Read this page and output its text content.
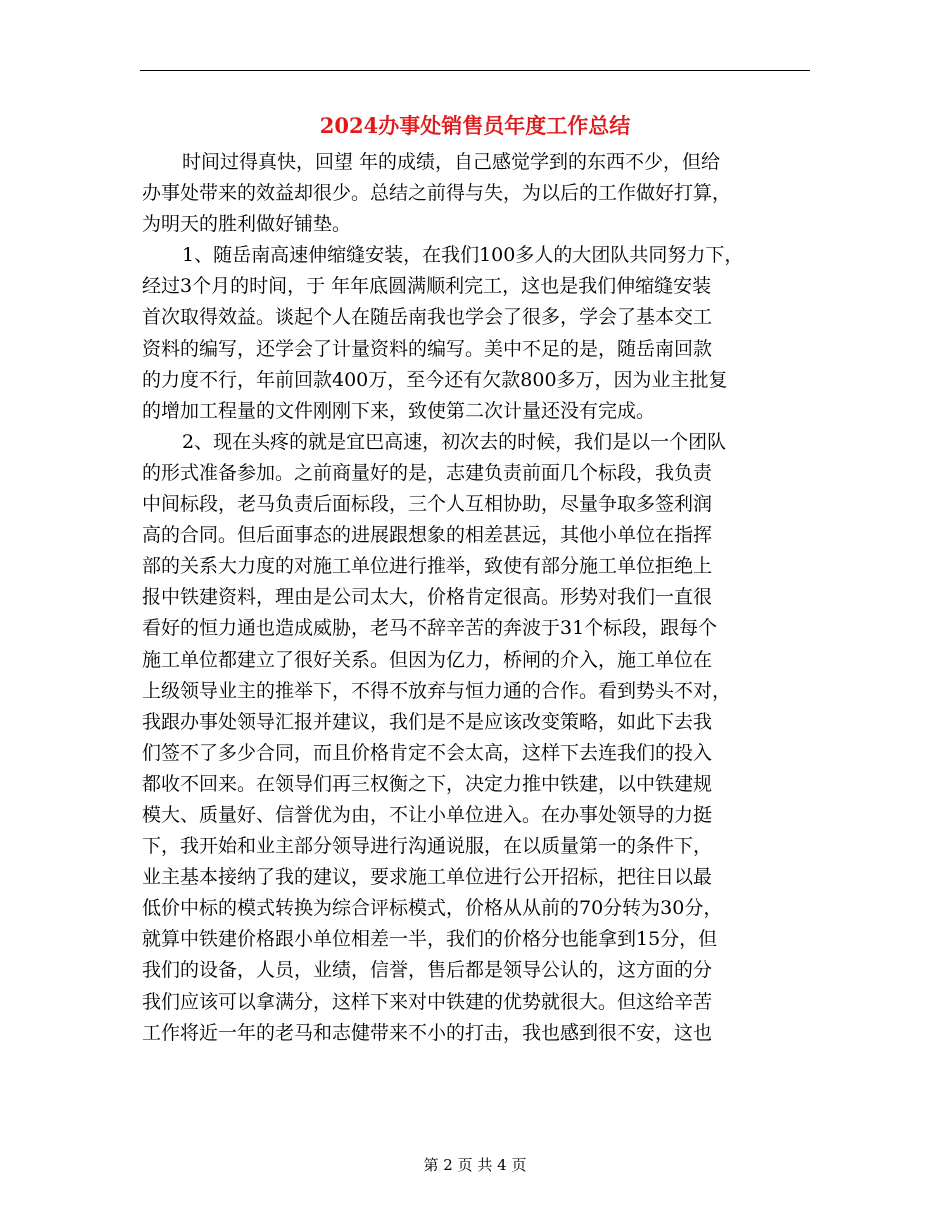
2024办事处销售员年度工作总结
时间过得真快，回望 年的成绩，自己感觉学到的东西不少，但给
办事处带来的效益却很少。总结之前得与失，为以后的工作做好打算，
为明天的胜利做好铺垫。
1、随岳南高速伸缩缝安装，在我们100多人的大团队共同努力下，
经过3个月的时间，于 年年底圆满顺利完工，这也是我们伸缩缝安装
首次取得效益。谈起个人在随岳南我也学会了很多，学会了基本交工
资料的编写，还学会了计量资料的编写。美中不足的是，随岳南回款
的力度不行，年前回款400万，至今还有欠款800多万，因为业主批复
的增加工程量的文件刚刚下来，致使第二次计量还没有完成。
2、现在头疼的就是宜巴高速，初次去的时候，我们是以一个团队
的形式准备参加。之前商量好的是，志建负责前面几个标段，我负责
中间标段，老马负责后面标段，三个人互相协助，尽量争取多签利润
高的合同。但后面事态的进展跟想象的相差甚远，其他小单位在指挥
部的关系大力度的对施工单位进行推举，致使有部分施工单位拒绝上
报中铁建资料，理由是公司太大，价格肯定很高。形势对我们一直很
看好的恒力通也造成威胁，老马不辞辛苦的奔波于31个标段，跟每个
施工单位都建立了很好关系。但因为亿力，桥闸的介入，施工单位在
上级领导业主的推举下，不得不放弃与恒力通的合作。看到势头不对，
我跟办事处领导汇报并建议，我们是不是应该改变策略，如此下去我
们签不了多少合同，而且价格肯定不会太高，这样下去连我们的投入
都收不回来。在领导们再三权衡之下，决定力推中铁建，以中铁建规
模大、质量好、信誉优为由，不让小单位进入。在办事处领导的力挺
下，我开始和业主部分领导进行沟通说服，在以质量第一的条件下，
业主基本接纳了我的建议，要求施工单位进行公开招标，把往日以最
低价中标的模式转换为综合评标模式，价格从从前的70分转为30分，
就算中铁建价格跟小单位相差一半，我们的价格分也能拿到15分，但
我们的设备，人员，业绩，信誉，售后都是领导公认的，这方面的分
我们应该可以拿满分，这样下来对中铁建的优势就很大。但这给辛苦
工作将近一年的老马和志健带来不小的打击，我也感到很不安，这也
第 2 页 共 4 页
